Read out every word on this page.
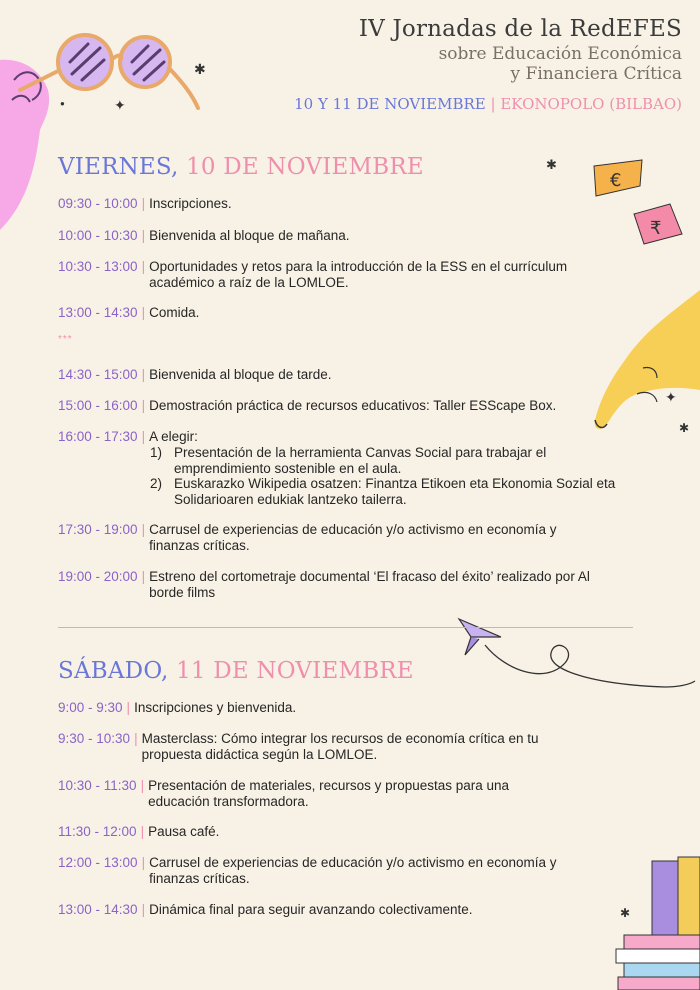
✱
✦
●
€
₹
✱
✦
✱
✱
IV Jornadas de la RedEFES
sobre Educación Económica
y Financiera Crítica
10 Y 11 DE NOVIEMBRE | EKONOPOLO (BILBAO)
VIERNES, 10 DE NOVIEMBRE
09:30 - 10:00 | Inscripciones.
10:00 - 10:30 | Bienvenida al bloque de mañana.
10:30 - 13:00 | Oportunidades y retos para la introducción de la ESS en el currículum académico a raíz de la LOMLOE.
13:00 - 14:30 | Comida.
***
14:30 - 15:00 | Bienvenida al bloque de tarde.
15:00 - 16:00 | Demostración práctica de recursos educativos: Taller ESScape Box.
16:00 - 17:30 | A elegir:
1) Presentación de la herramienta Canvas Social para trabajar el emprendimiento sostenible en el aula.
2) Euskarazko Wikipedia osatzen: Finantza Etikoen eta Ekonomia Sozial eta Solidarioaren edukiak lantzeko tailerra.
17:30 - 19:00 | Carrusel de experiencias de educación y/o activismo en economía y finanzas críticas.
19:00 - 20:00 | Estreno del cortometraje documental ‘El fracaso del éxito’ realizado por Al borde films
SÁBADO, 11 DE NOVIEMBRE
9:00 - 9:30 | Inscripciones y bienvenida.
9:30 - 10:30 | Masterclass: Cómo integrar los recursos de economía crítica en tu propuesta didáctica según la LOMLOE.
10:30 - 11:30 | Presentación de materiales, recursos y propuestas para una educación transformadora.
11:30 - 12:00 | Pausa café.
12:00 - 13:00 | Carrusel de experiencias de educación y/o activismo en economía y finanzas críticas.
13:00 - 14:30 | Dinámica final para seguir avanzando colectivamente.
